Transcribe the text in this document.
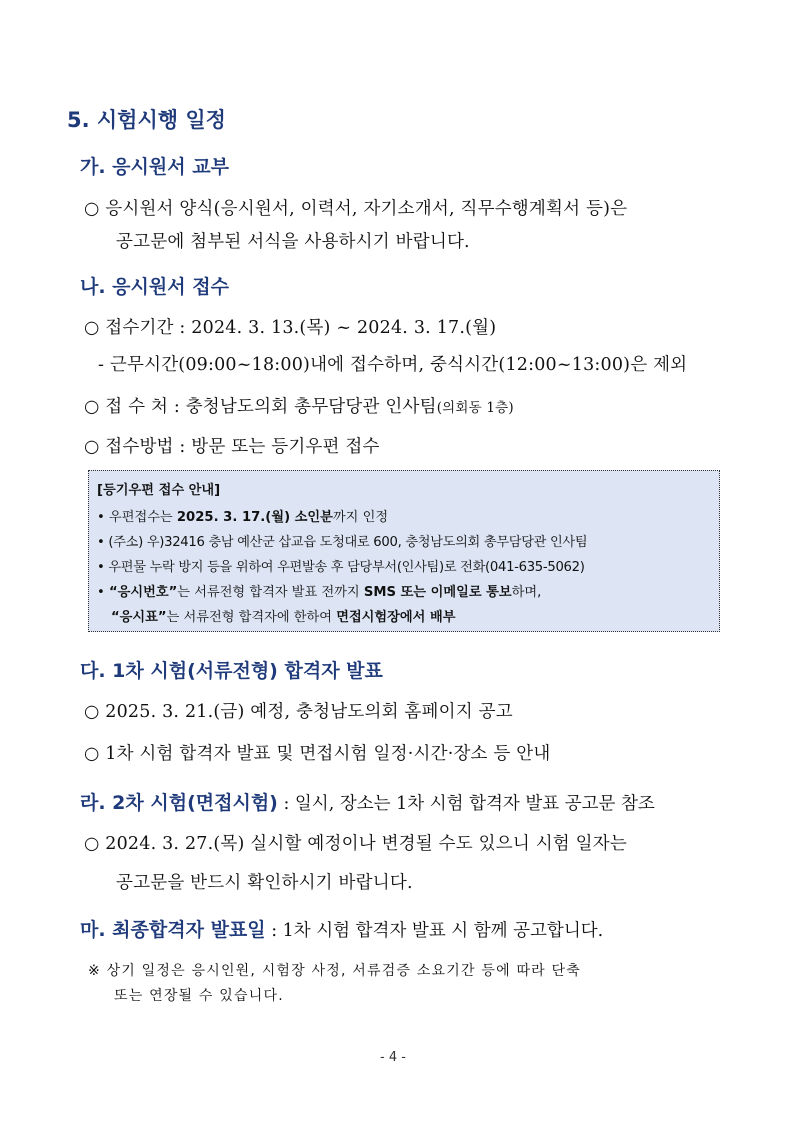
5. 시험시행 일정
가. 응시원서 교부
○ 응시원서 양식(응시원서, 이력서, 자기소개서, 직무수행계획서 등)은
공고문에 첨부된 서식을 사용하시기 바랍니다.
나. 응시원서 접수
○ 접수기간 : 2024. 3. 13.(목) ~ 2024. 3. 17.(월)
- 근무시간(09:00~18:00)내에 접수하며, 중식시간(12:00~13:00)은 제외
○ 접 수 처 : 충청남도의회 총무담당관 인사팀(의회동 1층)
○ 접수방법 : 방문 또는 등기우편 접수
[등기우편 접수 안내]
• 우편접수는 2025. 3. 17.(월) 소인분까지 인정
• (주소) 우)32416 충남 예산군 삽교읍 도청대로 600, 충청남도의회 총무담당관 인사팀
• 우편물 누락 방지 등을 위하여 우편발송 후 담당부서(인사팀)로 전화(041-635-5062)
• “응시번호”는 서류전형 합격자 발표 전까지 SMS 또는 이메일로 통보하며,
“응시표”는 서류전형 합격자에 한하여 면접시험장에서 배부
다. 1차 시험(서류전형) 합격자 발표
○ 2025. 3. 21.(금) 예정, 충청남도의회 홈페이지 공고
○ 1차 시험 합격자 발표 및 면접시험 일정·시간·장소 등 안내
라. 2차 시험(면접시험) : 일시, 장소는 1차 시험 합격자 발표 공고문 참조
○ 2024. 3. 27.(목) 실시할 예정이나 변경될 수도 있으니 시험 일자는
공고문을 반드시 확인하시기 바랍니다.
마. 최종합격자 발표일 : 1차 시험 합격자 발표 시 함께 공고합니다.
※ 상기 일정은 응시인원, 시험장 사정, 서류검증 소요기간 등에 따라 단축
또는 연장될 수 있습니다.
- 4 -
